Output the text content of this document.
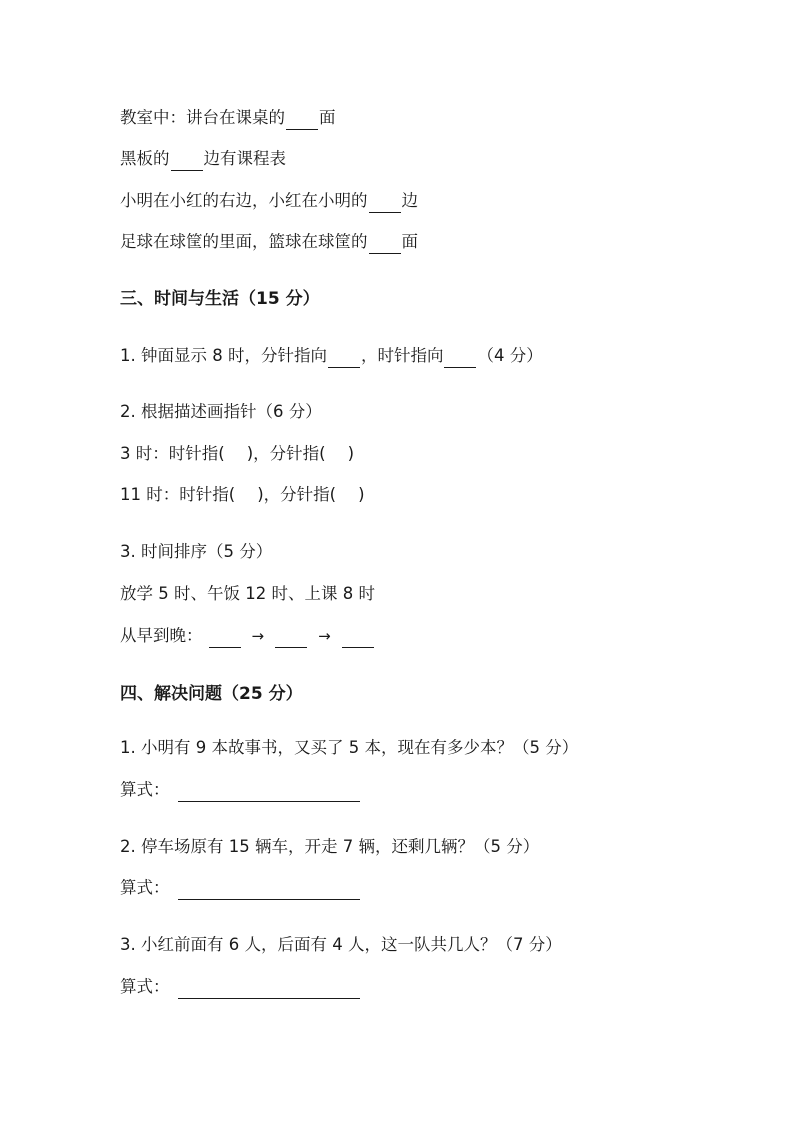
教室中：讲台在课桌的 面
黑板的 边有课程表
小明在小红的右边，小红在小明的 边
足球在球筐的里面，篮球在球筐的 面
三、时间与生活（15 分）
1. 钟面显示 8 时，分针指向 ，时针指向 （4 分）
2. 根据描述画指针（6 分）
3 时：时针指( )，分针指( )
11 时：时针指( )，分针指( )
3. 时间排序（5 分）
放学 5 时、午饭 12 时、上课 8 时
从早到晚：	→	→
四、解决问题（25 分）
1. 小明有 9 本故事书，又买了 5 本，现在有多少本？（5 分）
算式：
2. 停车场原有 15 辆车，开走 7 辆，还剩几辆？（5 分）
算式：
3. 小红前面有 6 人，后面有 4 人，这一队共几人？（7 分）
算式：
